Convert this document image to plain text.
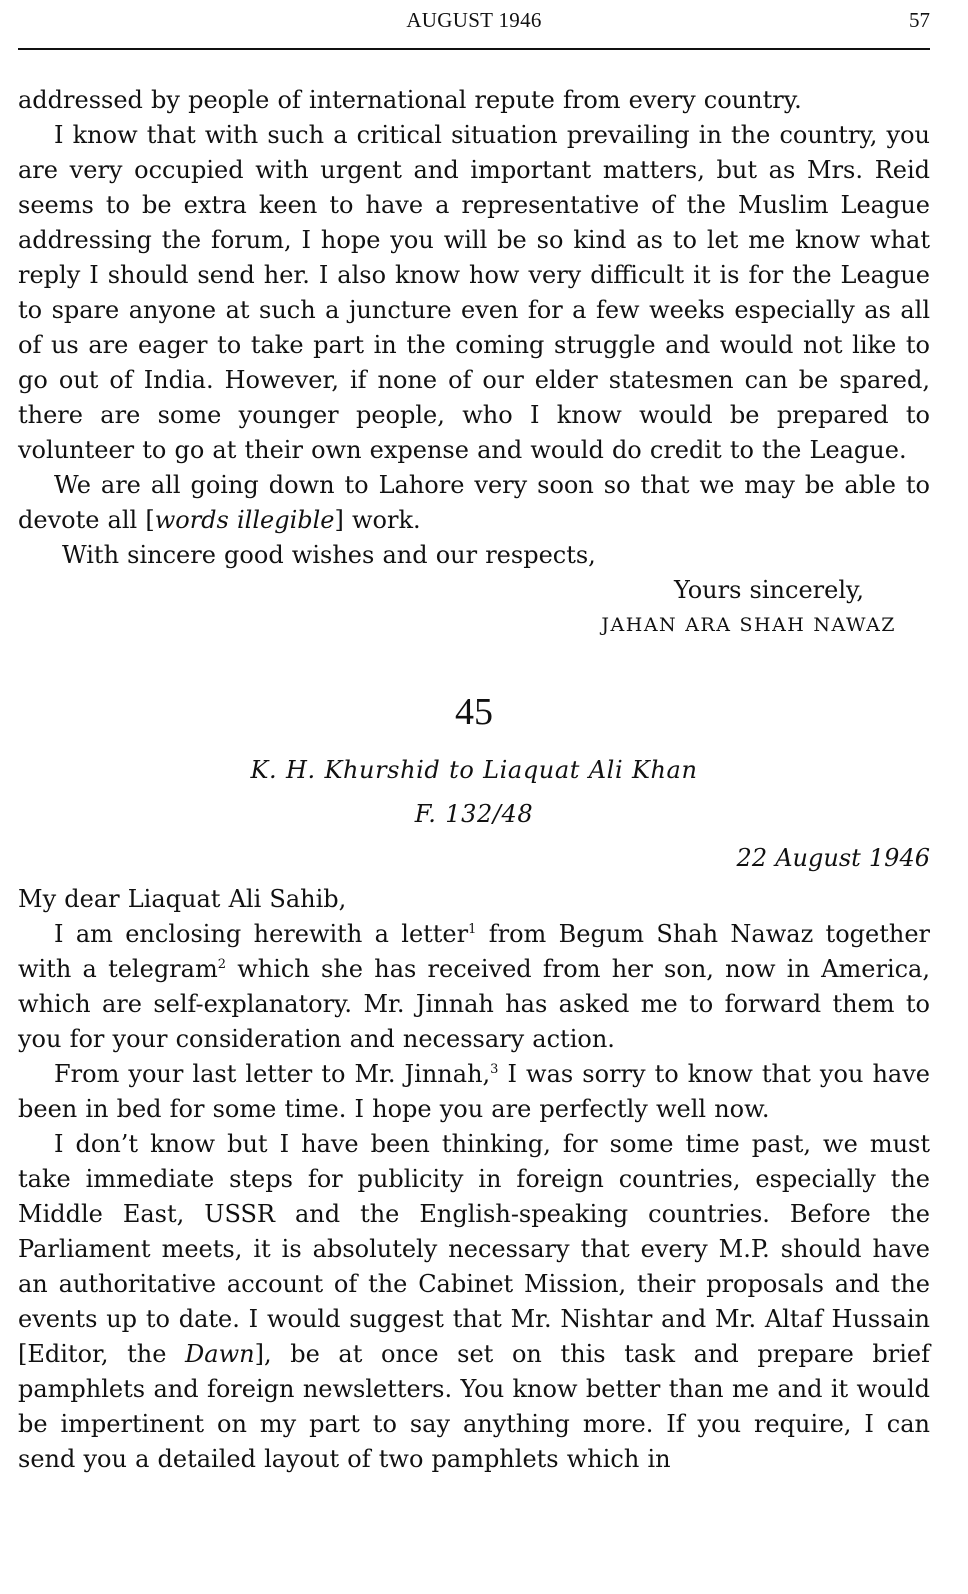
AUGUST 1946	57

addressed by people of international repute from every country.

I know that with such a critical situation prevailing in the country, you are very occupied with urgent and important matters, but as Mrs. Reid seems to be extra keen to have a representative of the Muslim League addressing the forum, I hope you will be so kind as to let me know what reply I should send her. I also know how very difficult it is for the League to spare anyone at such a juncture even for a few weeks especially as all of us are eager to take part in the coming struggle and would not like to go out of India. However, if none of our elder statesmen can be spared, there are some younger people, who I know would be prepared to volunteer to go at their own expense and would do credit to the League.

We are all going down to Lahore very soon so that we may be able to devote all [words illegible] work.

With sincere good wishes and our respects,

Yours sincerely,

JAHAN ARA SHAH NAWAZ

45

K. H. Khurshid to Liaquat Ali Khan

F. 132/48

22 August 1946

My dear Liaquat Ali Sahib,

I am enclosing herewith a letter$^1$ from Begum Shah Nawaz together with a telegram$^2$ which she has received from her son, now in America, which are self-explanatory. Mr. Jinnah has asked me to forward them to you for your consideration and necessary action.

From your last letter to Mr. Jinnah,$^3$ I was sorry to know that you have been in bed for some time. I hope you are perfectly well now.

I don’t know but I have been thinking, for some time past, we must take immediate steps for publicity in foreign countries, especially the Middle East, USSR and the English-speaking countries. Before the Parliament meets, it is absolutely necessary that every M.P. should have an authoritative account of the Cabinet Mission, their proposals and the events up to date. I would suggest that Mr. Nishtar and Mr. Altaf Hussain [Editor, the Dawn], be at once set on this task and prepare brief pamphlets and foreign newsletters. You know better than me and it would be impertinent on my part to say anything more. If you require, I can send you a detailed layout of two pamphlets which in
